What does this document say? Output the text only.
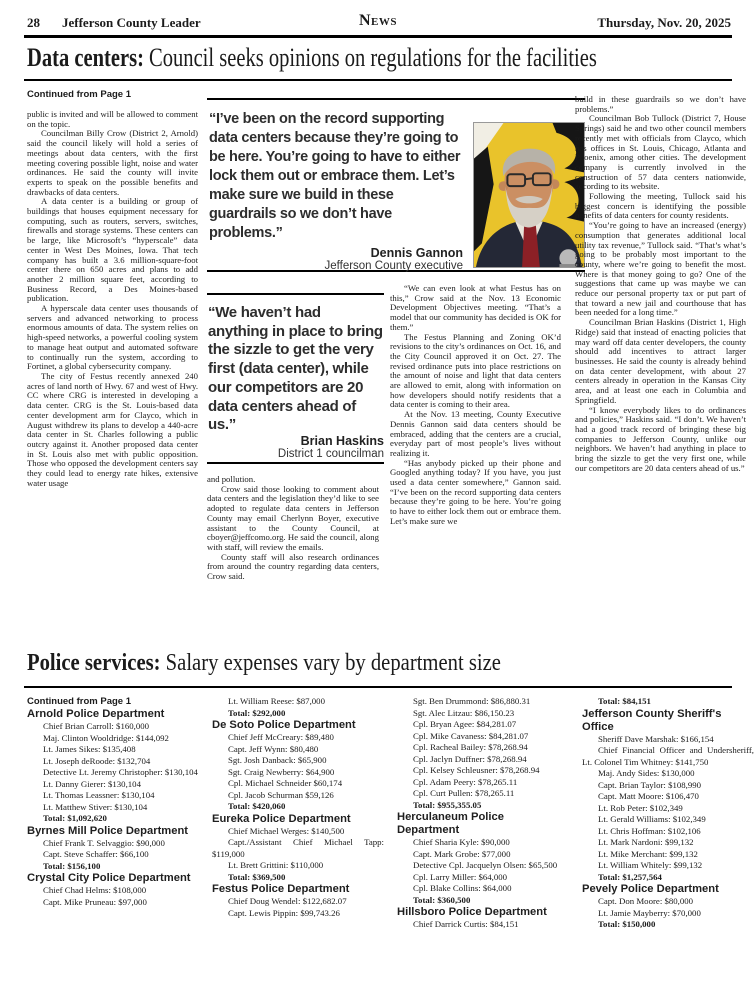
28 Jefferson County Leader	News	Thursday, Nov. 20, 2025
Data centers: Council seeks opinions on regulations for the facilities
Continued from Page 1

public is invited and will be allowed to comment on the topic.

Councilman Billy Crow (District 2, Arnold) said the council likely will hold a series of meetings about data centers, with the first meeting covering possible light, noise and water ordinances. He said the county will invite experts to speak on the possible benefits and drawbacks of data centers.

A data center is a building or group of buildings that houses equipment necessary for computing, such as routers, servers, switches, firewalls and storage systems. These centers can be large, like Microsoft’s “hyperscale” data center in West Des Moines, Iowa. That tech company has built a 3.6 million-square-foot center there on 650 acres and plans to add another 2 million square feet, according to Business Record, a Des Moines-based publication.

A hyperscale data center uses thousands of servers and advanced networking to process enormous amounts of data. The system relies on high-speed networks, a powerful cooling system to manage heat output and automated software to continually run the system, according to Fortinet, a global cybersecurity company.

The city of Festus recently annexed 240 acres of land north of Hwy. 67 and west of Hwy. CC where CRG is interested in developing a data center. CRG is the St. Louis-based data center development arm for Clayco, which in August withdrew its plans to develop a 440-acre data center in St. Charles following a public outcry against it. Another proposed data center in St. Louis also met with public opposition. Those who opposed the development centers say they could lead to energy rate hikes, extensive water usage

“I’ve been on the record supporting data centers because they’re going to be here. You’re going to have to either lock them out or embrace them. Let’s make sure we build in these guardrails so we don’t have problems.”
Dennis Gannon
Jefferson County executive
“We haven’t had anything in place to bring the sizzle to get the very first (data center), while our competitors are 20 data centers ahead of us.”
Brian Haskins
District 1 councilman

and pollution.

Crow said those looking to comment about data centers and the legislation they’d like to see adopted to regulate data centers in Jefferson County may email Cherlynn Boyer, executive assistant to the County Council, at cboyer@jeffcomo.org. He said the council, along with staff, will review the emails.

County staff will also research ordinances from around the country regarding data centers, Crow said.

“We can even look at what Festus has on this,” Crow said at the Nov. 13 Economic Development Objectives meeting. “That’s a model that our community has decided is OK for them.”

The Festus Planning and Zoning OK’d revisions to the city’s ordinances on Oct. 16, and the City Council approved it on Oct. 27. The revised ordinance puts into place restrictions on the amount of noise and light that data centers are allowed to emit, along with information on how developers should notify residents that a data center is coming to their area.

At the Nov. 13 meeting, County Executive Dennis Gannon said data centers should be embraced, adding that the centers are a crucial, everyday part of most people’s lives without realizing it.

“Has anybody picked up their phone and Googled anything today? If you have, you just used a data center somewhere,” Gannon said. “I’ve been on the record supporting data centers because they’re going to be here. You’re going to have to either lock them out or embrace them. Let’s make sure we

build in these guardrails so we don’t have problems.”

Councilman Bob Tullock (District 7, House Springs) said he and two other council members recently met with officials from Clayco, which has offices in St. Louis, Chicago, Atlanta and Phoenix, among other cities. The development company is currently involved in the construction of 57 data centers nationwide, according to its website.

Following the meeting, Tullock said his biggest concern is identifying the possible benefits of data centers for county residents.

“You’re going to have an increased (energy) consumption that generates additional local utility tax revenue,” Tullock said. “That’s what’s going to be probably most important to the county, where we’re going to benefit the most. Where is that money going to go? One of the suggestions that came up was maybe we can reduce our personal property tax or put part of that toward a new jail and courthouse that has been needed for a long time.”

Councilman Brian Haskins (District 1, High Ridge) said that instead of enacting policies that may ward off data center developers, the county should add incentives to attract larger businesses. He said the county is already behind on data center development, with about 27 centers already in operation in the Kansas City area, and at least one each in Columbia and Springfield.

“I know everybody likes to do ordinances and policies,” Haskins said. “I don’t. We haven’t had a good track record of bringing these big companies to Jefferson County, unlike our neighbors. We haven’t had anything in place to bring the sizzle to get the very first one, while our competitors are 20 data centers ahead of us.”

Police services: Salary expenses vary by department size

Continued from Page 1

Arnold Police Department

Chief Brian Carroll: $160,000

Maj. Clinton Wooldridge: $144,092

Lt. James Sikes: $135,408

Lt. Joseph deRoode: $132,704

Detective Lt. Jeremy Christopher: $130,104

Lt. Danny Gierer: $130,104

Lt. Thomas Leassner: $130,104

Lt. Matthew Stiver: $130,104

Total: $1,092,620

Byrnes Mill Police Department

Chief Frank T. Selvaggio: $90,000

Capt. Steve Schaffer: $66,100

Total: $156,100

Crystal City Police Department

Chief Chad Helms: $108,000

Capt. Mike Pruneau: $97,000

Lt. William Reese: $87,000

Total: $292,000

De Soto Police Department

Chief Jeff McCreary: $89,480

Capt. Jeff Wynn: $80,480

Sgt. Josh Danback: $65,900

Sgt. Craig Newberry: $64,900

Cpl. Michael Schneider $60,174

Cpl. Jacob Schurman $59,126

Total: $420,060

Eureka Police Department

Chief Michael Werges: $140,500

Capt./Assistant Chief Michael Tapp: $119,000

Lt. Brett Grittini: $110,000

Total: $369,500

Festus Police Department

Chief Doug Wendel: $122,682.07

Capt. Lewis Pippin: $99,743.26

Sgt. Ben Drummond: $86,880.31

Sgt. Alec Litzau: $86,150.23

Cpl. Bryan Agee: $84,281.07

Cpl. Mike Cavaness: $84,281.07

Cpl. Racheal Bailey: $78,268.94

Cpl. Jaclyn Duffner: $78,268.94

Cpl. Kelsey Schleusner: $78,268.94

Cpl. Adam Peery: $78,265.11

Cpl. Curt Pullen: $78,265.11

Total: $955,355.05

Herculaneum Police Department

Chief Sharia Kyle: $90,000

Capt. Mark Grobe: $77,000

Detective Cpl. Jacquelyn Olsen: $65,500

Cpl. Larry Miller: $64,000

Cpl. Blake Collins: $64,000

Total: $360,500

Hillsboro Police Department

Chief Darrick Curtis: $84,151

Total: $84,151

Jefferson County Sheriff's Office

Sheriff Dave Marshak: $166,154

Chief Financial Officer and Undersheriff, Lt. Colonel Tim Whitney: $141,750

Maj. Andy Sides: $130,000

Capt. Brian Taylor: $108,990

Capt. Matt Moore: $106,470

Lt. Rob Peter: $102,349

Lt. Gerald Williams: $102,349

Lt. Chris Hoffman: $102,106

Lt. Mark Nardoni: $99,132

Lt. Mike Merchant: $99,132

Lt. William Whitely: $99,132

Total: $1,257,564

Pevely Police Department

Capt. Don Moore: $80,000

Lt. Jamie Mayberry: $70,000

Total: $150,000
